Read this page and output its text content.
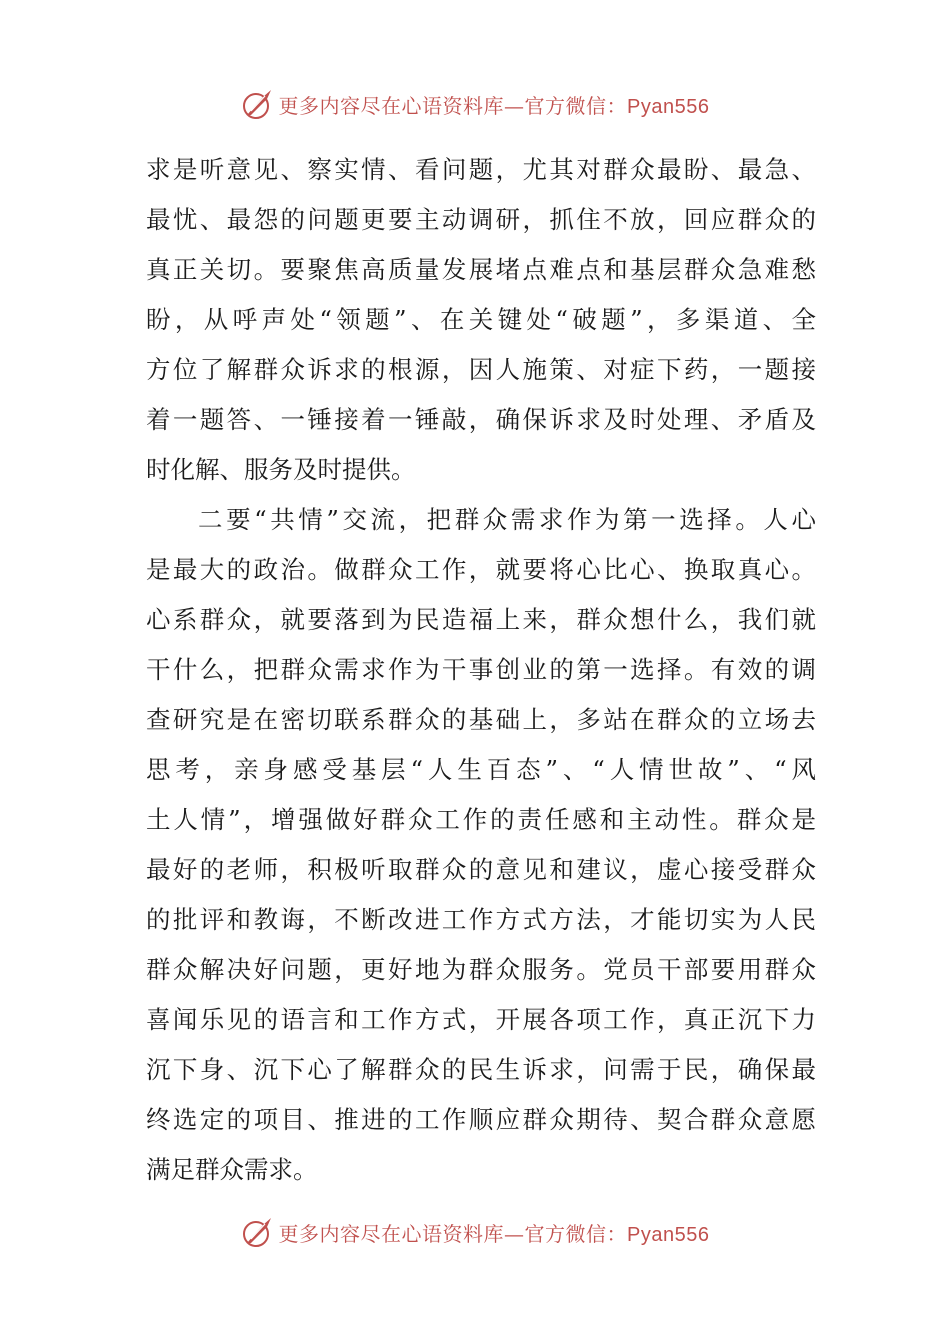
更多内容尽在心语资料库—官方微信：Pyan556
求是听意见、察实情、看问题，尤其对群众最盼、最急、
最忧、最怨的问题更要主动调研，抓住不放，回应群众的
真正关切。要聚焦高质量发展堵点难点和基层群众急难愁
盼，从呼声处“领题”、在关键处“破题”，多渠道、全
方位了解群众诉求的根源，因人施策、对症下药，一题接
着一题答、一锤接着一锤敲，确保诉求及时处理、矛盾及
时化解、服务及时提供。
二要“共情”交流，把群众需求作为第一选择。人心
是最大的政治。做群众工作，就要将心比心、换取真心。
心系群众，就要落到为民造福上来，群众想什么，我们就
干什么，把群众需求作为干事创业的第一选择。有效的调
查研究是在密切联系群众的基础上，多站在群众的立场去
思考，亲身感受基层“人生百态”、“人情世故”、“风
土人情”，增强做好群众工作的责任感和主动性。群众是
最好的老师，积极听取群众的意见和建议，虚心接受群众
的批评和教诲，不断改进工作方式方法，才能切实为人民
群众解决好问题，更好地为群众服务。党员干部要用群众
喜闻乐见的语言和工作方式，开展各项工作，真正沉下力
沉下身、沉下心了解群众的民生诉求，问需于民，确保最
终选定的项目、推进的工作顺应群众期待、契合群众意愿
满足群众需求。
更多内容尽在心语资料库—官方微信：Pyan556
